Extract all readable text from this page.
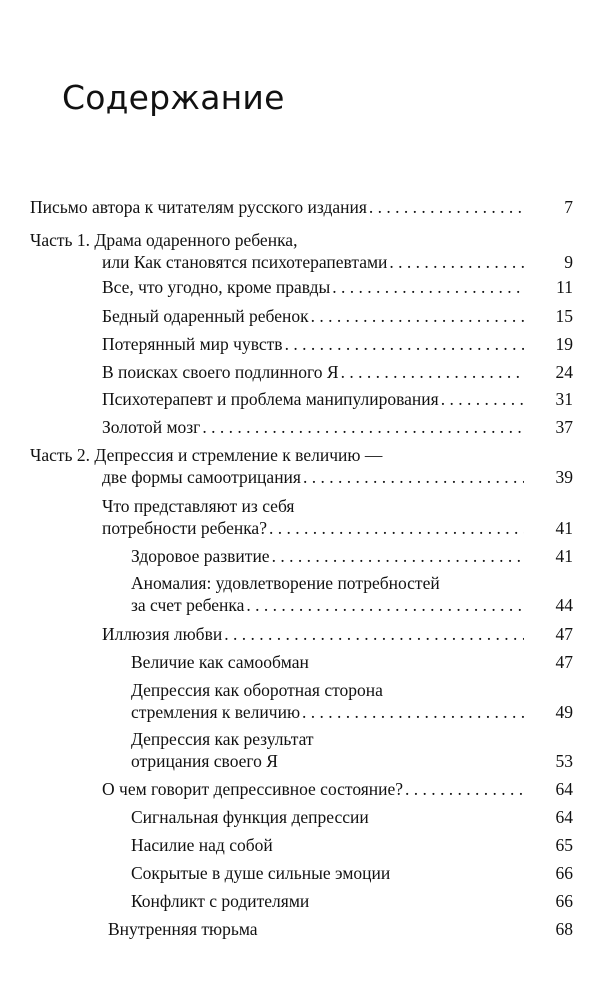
Содержание
Письмо автора к читателям русского издания . . .	7
Часть 1. Драма одаренного ребенка,
или Как становятся психотерапевтами . . .	9
Все, что угодно, кроме правды . . .	11
Бедный одаренный ребенок . . .	15
Потерянный мир чувств . . .	19
В поисках своего подлинного Я . . .	24
Психотерапевт и проблема манипулирования . . .	31
Золотой мозг . . .	37
Часть 2. Депрессия и стремление к величию —
две формы самоотрицания . . .	39
Что представляют из себя
потребности ребенка? . . .	41
Здоровое развитие . . .	41
Аномалия: удовлетворение потребностей
за счет ребенка . . .	44
Иллюзия любви . . .	47
Величие как самообман	47
Депрессия как оборотная сторона
стремления к величию . . .	49
Депрессия как результат
отрицания своего Я	53
О чем говорит депрессивное состояние? . . .	64
Сигнальная функция депрессии	64
Насилие над собой	65
Сокрытые в душе сильные эмоции	66
Конфликт с родителями	66
Внутренняя тюрьма	68
